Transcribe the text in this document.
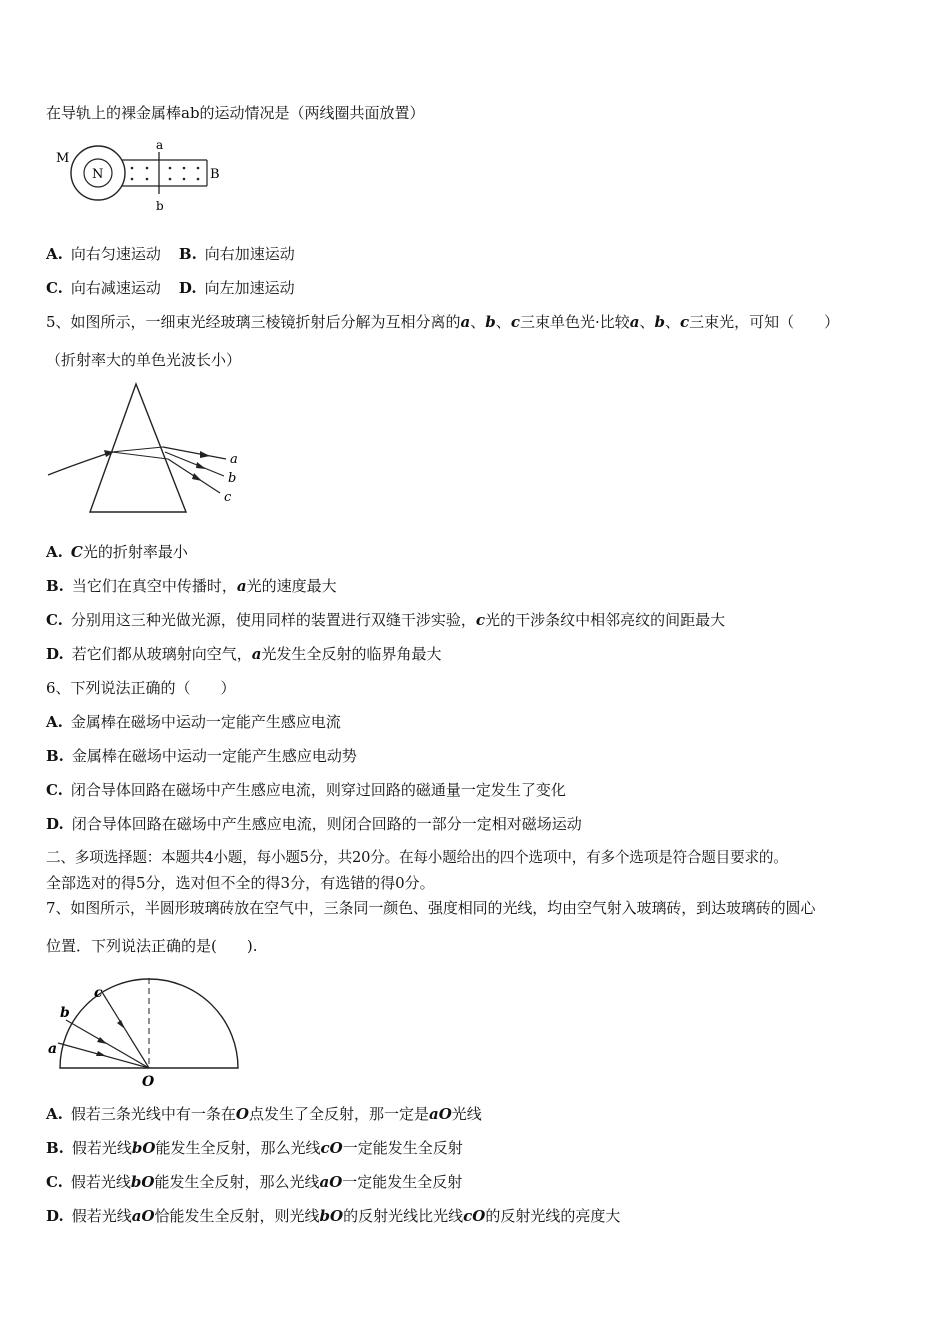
在导轨上的裸金属棒ab的运动情况是（两线圈共面放置）
M
N
a
b
B
A. 向右匀速运动 B. 向右加速运动
C. 向右减速运动 D. 向左加速运动
5、如图所示，一细束光经玻璃三棱镜折射后分解为互相分离的a、b、c三束单色光·比较a、b、c三束光，可知（　　）
（折射率大的单色光波长小）
a
b
c
A. C光的折射率最小
B. 当它们在真空中传播时，a光的速度最大
C. 分别用这三种光做光源，使用同样的装置进行双缝干涉实验，c光的干涉条纹中相邻亮纹的间距最大
D. 若它们都从玻璃射向空气，a光发生全反射的临界角最大
6、下列说法正确的（　　）
A. 金属棒在磁场中运动一定能产生感应电流
B. 金属棒在磁场中运动一定能产生感应电动势
C. 闭合导体回路在磁场中产生感应电流，则穿过回路的磁通量一定发生了变化
D. 闭合导体回路在磁场中产生感应电流，则闭合回路的一部分一定相对磁场运动
二、多项选择题：本题共4小题，每小题5分，共20分。在每小题给出的四个选项中，有多个选项是符合题目要求的。
全部选对的得5分，选对但不全的得3分，有选错的得0分。
7、如图所示，半圆形玻璃砖放在空气中，三条同一颜色、强度相同的光线，均由空气射入玻璃砖，到达玻璃砖的圆心
位置．下列说法正确的是(　　).
a
b
c
O
A. 假若三条光线中有一条在O点发生了全反射，那一定是aO光线
B. 假若光线bO能发生全反射，那么光线cO一定能发生全反射
C. 假若光线bO能发生全反射，那么光线aO一定能发生全反射
D. 假若光线aO恰能发生全反射，则光线bO的反射光线比光线cO的反射光线的亮度大
